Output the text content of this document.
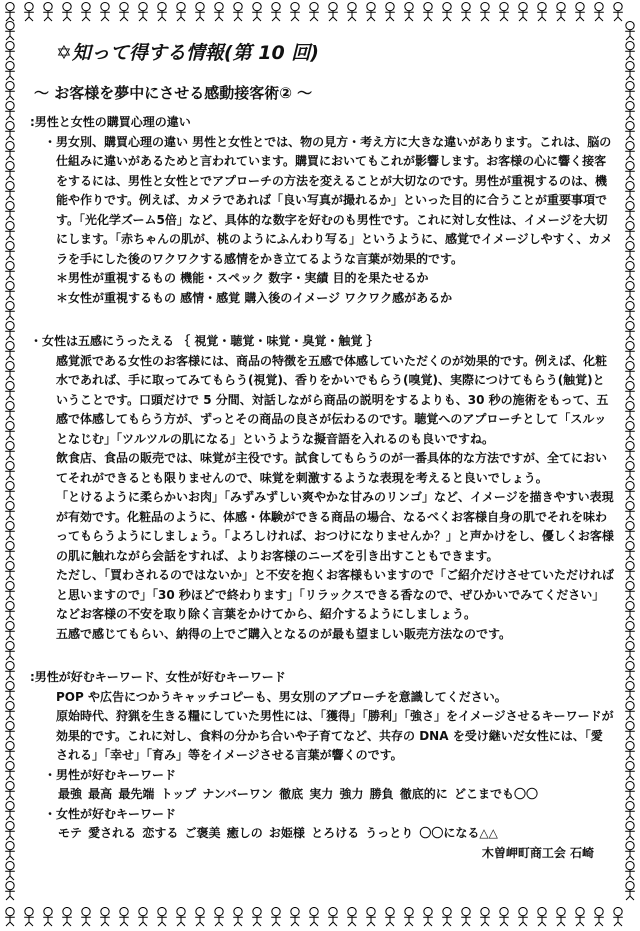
✡知って得する情報(第 10 回)
～ お客様を夢中にさせる感動接客術② ～

:男性と女性の購買心理の違い

・男女別、購買心理の違い 男性と女性とでは、物の見方・考え方に大きな違いがあります。これは、脳の仕組みに違いがあるためと言われています。購買においてもこれが影響します。お客様の心に響く接客をするには、男性と女性とでアプローチの方法を変えることが大切なのです。男性が重視するのは、機能や作りです。例えば、カメラであれば「良い写真が撮れるか」といった目的に合うことが重要事項です。「光化学ズーム5倍」など、具体的な数字を好むのも男性です。これに対し女性は、イメージを大切にします。「赤ちゃんの肌が、桃のようにふんわり写る」というように、感覚でイメージしやすく、カメラを手にした後のワクワクする感情をかき立てるような言葉が効果的です。

＊男性が重視するもの 機能・スペック 数字・実績 目的を果たせるか

＊女性が重視するもの 感情・感覚 購入後のイメージ ワクワク感があるか

・女性は五感にうったえる ｛ 視覚・聴覚・味覚・臭覚・触覚 ｝

感覚派である女性のお客様には、商品の特徴を五感で体感していただくのが効果的です。例えば、化粧水であれば、手に取ってみてもらう(視覚)、香りをかいでもらう(嗅覚)、実際につけてもらう(触覚)ということです。口頭だけで 5 分間、対話しながら商品の説明をするよりも、30 秒の施術をもって、五感で体感してもらう方が、ずっとその商品の良さが伝わるのです。聴覚へのアプローチとして「スルッとなじむ」「ツルツルの肌になる」というような擬音語を入れるのも良いですね。

飲食店、食品の販売では、味覚が主役です。試食してもらうのが一番具体的な方法ですが、全てにおいてそれができるとも限りませんので、味覚を刺激するような表現を考えると良いでしょう。

「とけるように柔らかいお肉」「みずみずしい爽やかな甘みのリンゴ」など、イメージを描きやすい表現が有効です。化粧品のように、体感・体験ができる商品の場合、なるべくお客様自身の肌でそれを味わってもらうようにしましょう。「よろしければ、おつけになりませんか？」と声かけをし、優しくお客様の肌に触れながら会話をすれば、よりお客様のニーズを引き出すこともできます。

ただし、「買わされるのではないか」と不安を抱くお客様もいますので「ご紹介だけさせていただければと思いますので」「30 秒ほどで終わります」「リラックスできる香なので、ぜひかいでみてください」などお客様の不安を取り除く言葉をかけてから、紹介するようにしましょう。

五感で感じてもらい、納得の上でご購入となるのが最も望ましい販売方法なのです。

:男性が好むキーワード、女性が好むキーワード

POP や広告につかうキャッチコピーも、男女別のアプローチを意識してください。

原始時代、狩猟を生きる糧にしていた男性には、「獲得」「勝利」「強さ」をイメージさせるキーワードが効果的です。これに対し、食料の分かち合いや子育てなど、共存の DNA を受け継いだ女性には、「愛される」「幸せ」「育み」等をイメージさせる言葉が響くのです。

・男性が好むキーワード

最強 最高 最先端 トップ ナンバーワン 徹底 実力 強力 勝負 徹底的に どこまでも〇〇

・女性が好むキーワード

モテ 愛される 恋する ご褒美 癒しの お姫様 とろける うっとり 〇〇になる△△

木曽岬町商工会 石崎
